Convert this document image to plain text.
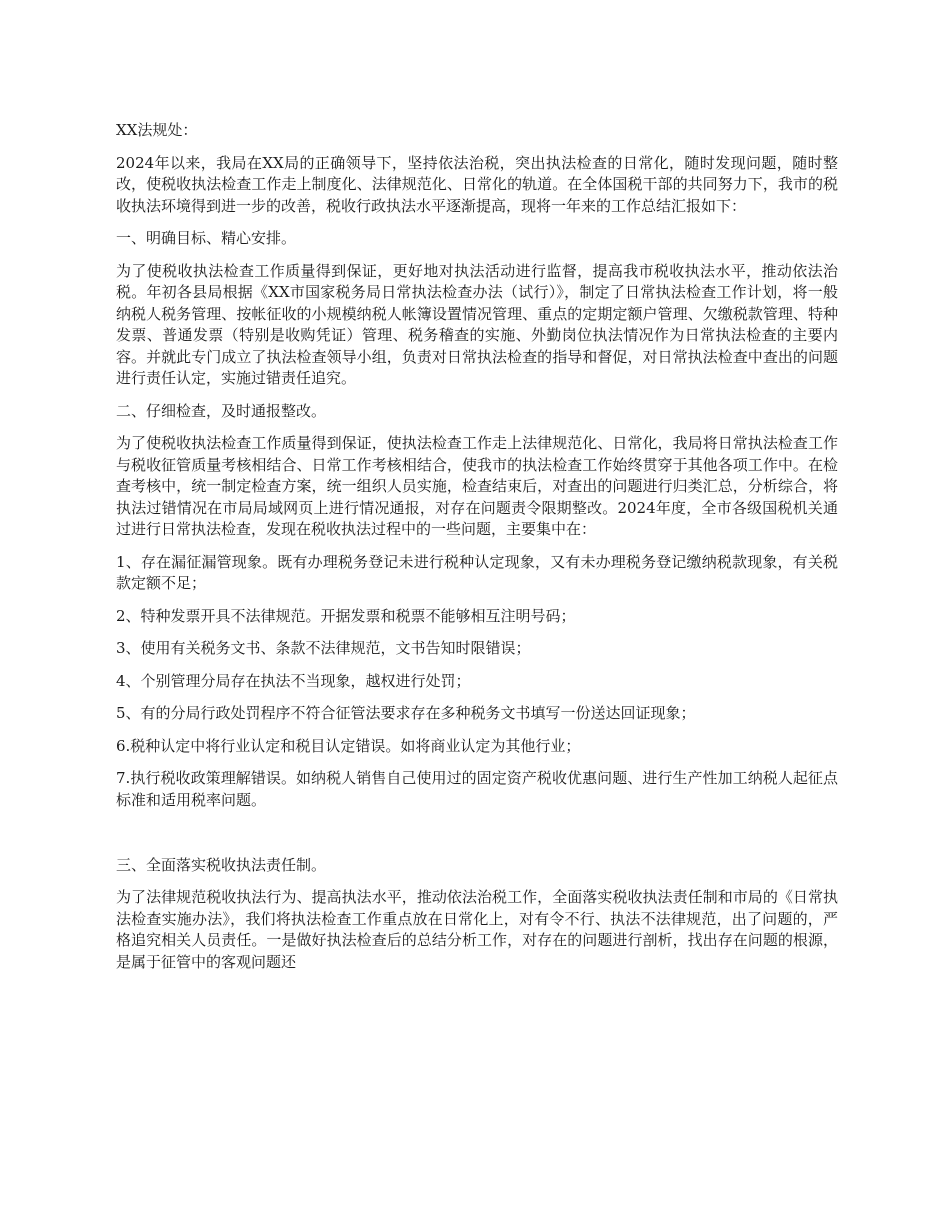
XX法规处：

2024年以来，我局在XX局的正确领导下，坚持依法治税，突出执法检查的日常化，随时发现问题，随时整改，使税收执法检查工作走上制度化、法律规范化、日常化的轨道。在全体国税干部的共同努力下，我市的税收执法环境得到进一步的改善，税收行政执法水平逐渐提高，现将一年来的工作总结汇报如下：

一、明确目标、精心安排。

为了使税收执法检查工作质量得到保证，更好地对执法活动进行监督，提高我市税收执法水平，推动依法治税。年初各县局根据《XX市国家税务局日常执法检查办法（试行）》，制定了日常执法检查工作计划，将一般纳税人税务管理、按帐征收的小规模纳税人帐簿设置情况管理、重点的定期定额户管理、欠缴税款管理、特种发票、普通发票（特别是收购凭证）管理、税务稽查的实施、外勤岗位执法情况作为日常执法检查的主要内容。并就此专门成立了执法检查领导小组，负责对日常执法检查的指导和督促，对日常执法检查中查出的问题进行责任认定，实施过错责任追究。

二、仔细检查，及时通报整改。

为了使税收执法检查工作质量得到保证，使执法检查工作走上法律规范化、日常化，我局将日常执法检查工作与税收征管质量考核相结合、日常工作考核相结合，使我市的执法检查工作始终贯穿于其他各项工作中。在检查考核中，统一制定检查方案，统一组织人员实施，检查结束后，对查出的问题进行归类汇总，分析综合，将执法过错情况在市局局域网页上进行情况通报，对存在问题责令限期整改。2024年度，全市各级国税机关通过进行日常执法检查，发现在税收执法过程中的一些问题，主要集中在：

1、存在漏征漏管现象。既有办理税务登记未进行税种认定现象，又有未办理税务登记缴纳税款现象，有关税款定额不足；

2、特种发票开具不法律规范。开据发票和税票不能够相互注明号码；

3、使用有关税务文书、条款不法律规范，文书告知时限错误；

4、个别管理分局存在执法不当现象，越权进行处罚；

5、有的分局行政处罚程序不符合征管法要求存在多种税务文书填写一份送达回证现象；

6.税种认定中将行业认定和税目认定错误。如将商业认定为其他行业；

7.执行税收政策理解错误。如纳税人销售自己使用过的固定资产税收优惠问题、进行生产性加工纳税人起征点标准和适用税率问题。

三、全面落实税收执法责任制。

为了法律规范税收执法行为、提高执法水平，推动依法治税工作，全面落实税收执法责任制和市局的《日常执法检查实施办法》，我们将执法检查工作重点放在日常化上，对有令不行、执法不法律规范，出了问题的，严格追究相关人员责任。一是做好执法检查后的总结分析工作，对存在的问题进行剖析，找出存在问题的根源，是属于征管中的客观问题还
